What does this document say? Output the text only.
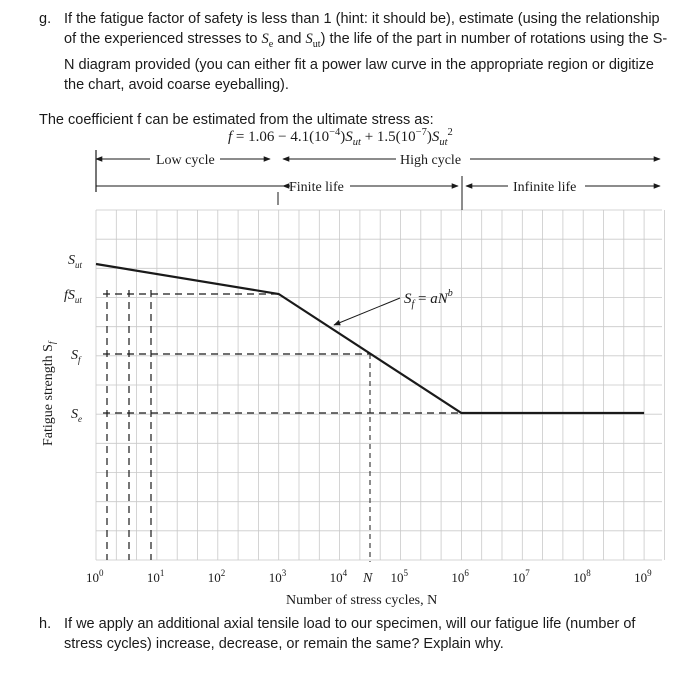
g. If the fatigue factor of safety is less than 1 (hint: it should be), estimate (using the relationship of the experienced stresses to $S_e$ and $S_{ut}$) the life of the part in number of rotations using the S-N diagram provided (you can either fit a power law curve in the appropriate region or digitize the chart, avoid coarse eyeballing).
The coefficient f can be estimated from the ultimate stress as:
$f = 1.06 - 4.1(10^{-4})S_{ut} + 1.5(10^{-7})S_{ut}^2$
Low cycle	High cycle
Finite life	Infinite life
$S_f = aN^b$
$S_{ut}$
$fS_{ut}$
$S_f$
$S_e$
Fatigue strength $S_f$
$10^0$	$10^1$	$10^2$	$10^3$	$10^4$	$10^5$	$10^6$	$10^7$	$10^8$	$10^9$
N
Number of stress cycles, N
h. If we apply an additional axial tensile load to our specimen, will our fatigue life (number of stress cycles) increase, decrease, or remain the same? Explain why.
